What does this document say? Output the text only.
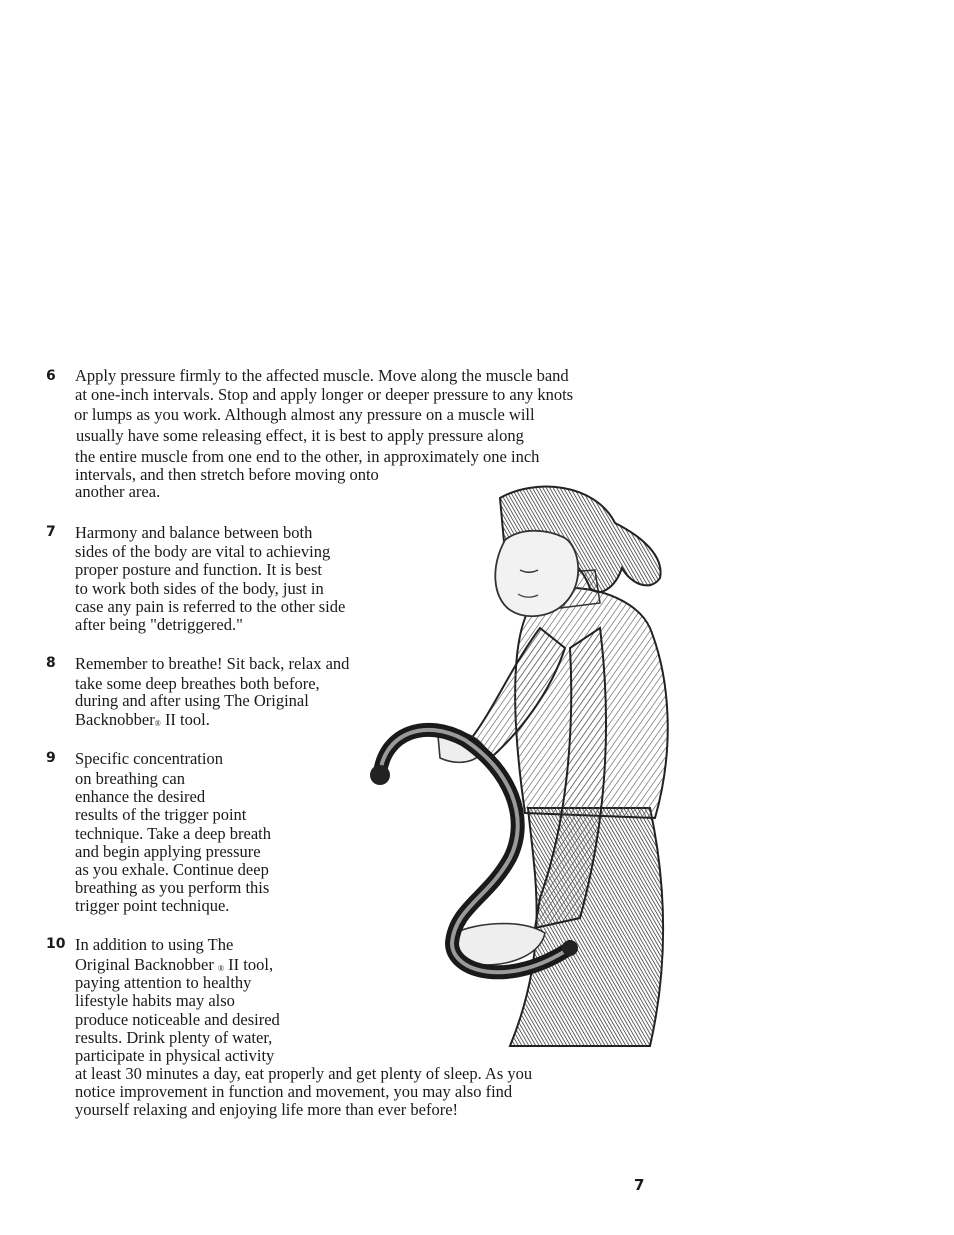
6 Apply pressure firmly to the affected muscle. Move along the muscle band
at one-inch intervals. Stop and apply longer or deeper pressure to any knots
or lumps as you work. Although almost any pressure on a muscle will
usually have some releasing effect, it is best to apply pressure along
the entire muscle from one end to the other, in approximately one inch
intervals, and then stretch before moving onto
another area.
7 Harmony and balance between both
sides of the body are vital to achieving
proper posture and function. It is best
to work both sides of the body, just in
case any pain is referred to the other side
after being "detriggered."
8 Remember to breathe! Sit back, relax and
take some deep breathes both before,
during and after using The Original
Backnobber® II tool.
9 Specific concentration
on breathing can
enhance the desired
results of the trigger point
technique. Take a deep breath
and begin applying pressure
as you exhale. Continue deep
breathing as you perform this
trigger point technique.
10 In addition to using The
Original Backnobber ® II tool,
paying attention to healthy
lifestyle habits may also
produce noticeable and desired
results. Drink plenty of water,
participate in physical activity
at least 30 minutes a day, eat properly and get plenty of sleep. As you
notice improvement in function and movement, you may also find
yourself relaxing and enjoying life more than ever before!
7
